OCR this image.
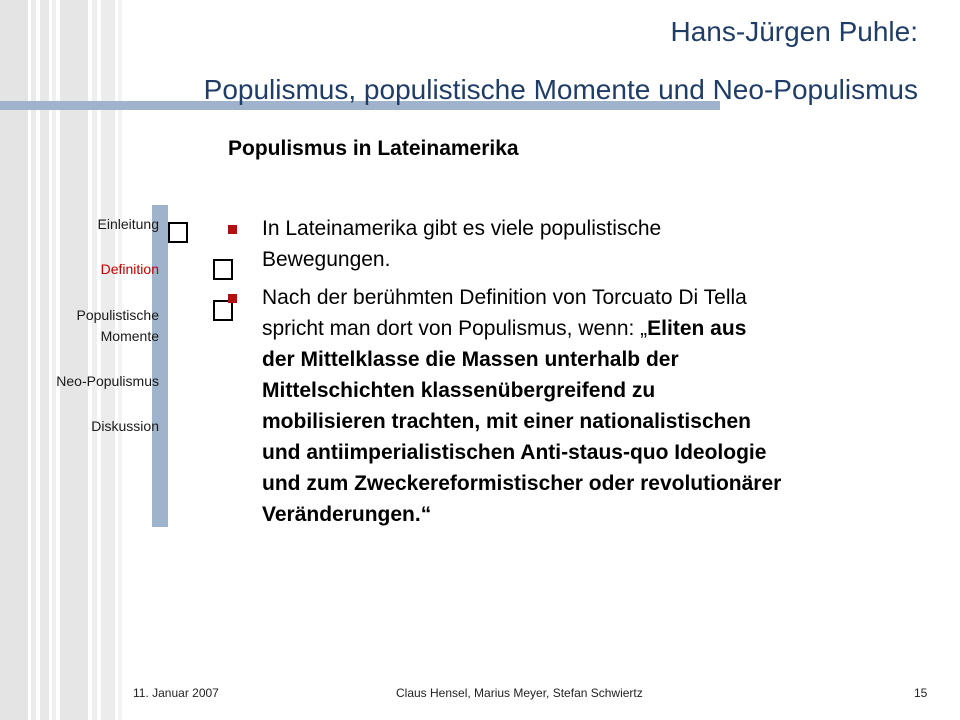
Hans-Jürgen Puhle:
Populismus, populistische Momente und Neo-Populismus
Populismus in Lateinamerika
Einleitung
Definition
Populistische
Momente
Neo-Populismus
Diskussion
In Lateinamerika gibt es viele populistische
Bewegungen.
Nach der berühmten Definition von Torcuato Di Tella
spricht man dort von Populismus, wenn: „Eliten aus
der Mittelklasse die Massen unterhalb der
Mittelschichten klassenübergreifend zu
mobilisieren trachten, mit einer nationalistischen
und antiimperialistischen Anti-staus-quo Ideologie
und zum Zweckereformistischer oder revolutionärer
Veränderungen.“
11. Januar 2007	Claus Hensel, Marius Meyer, Stefan Schwiertz	15
